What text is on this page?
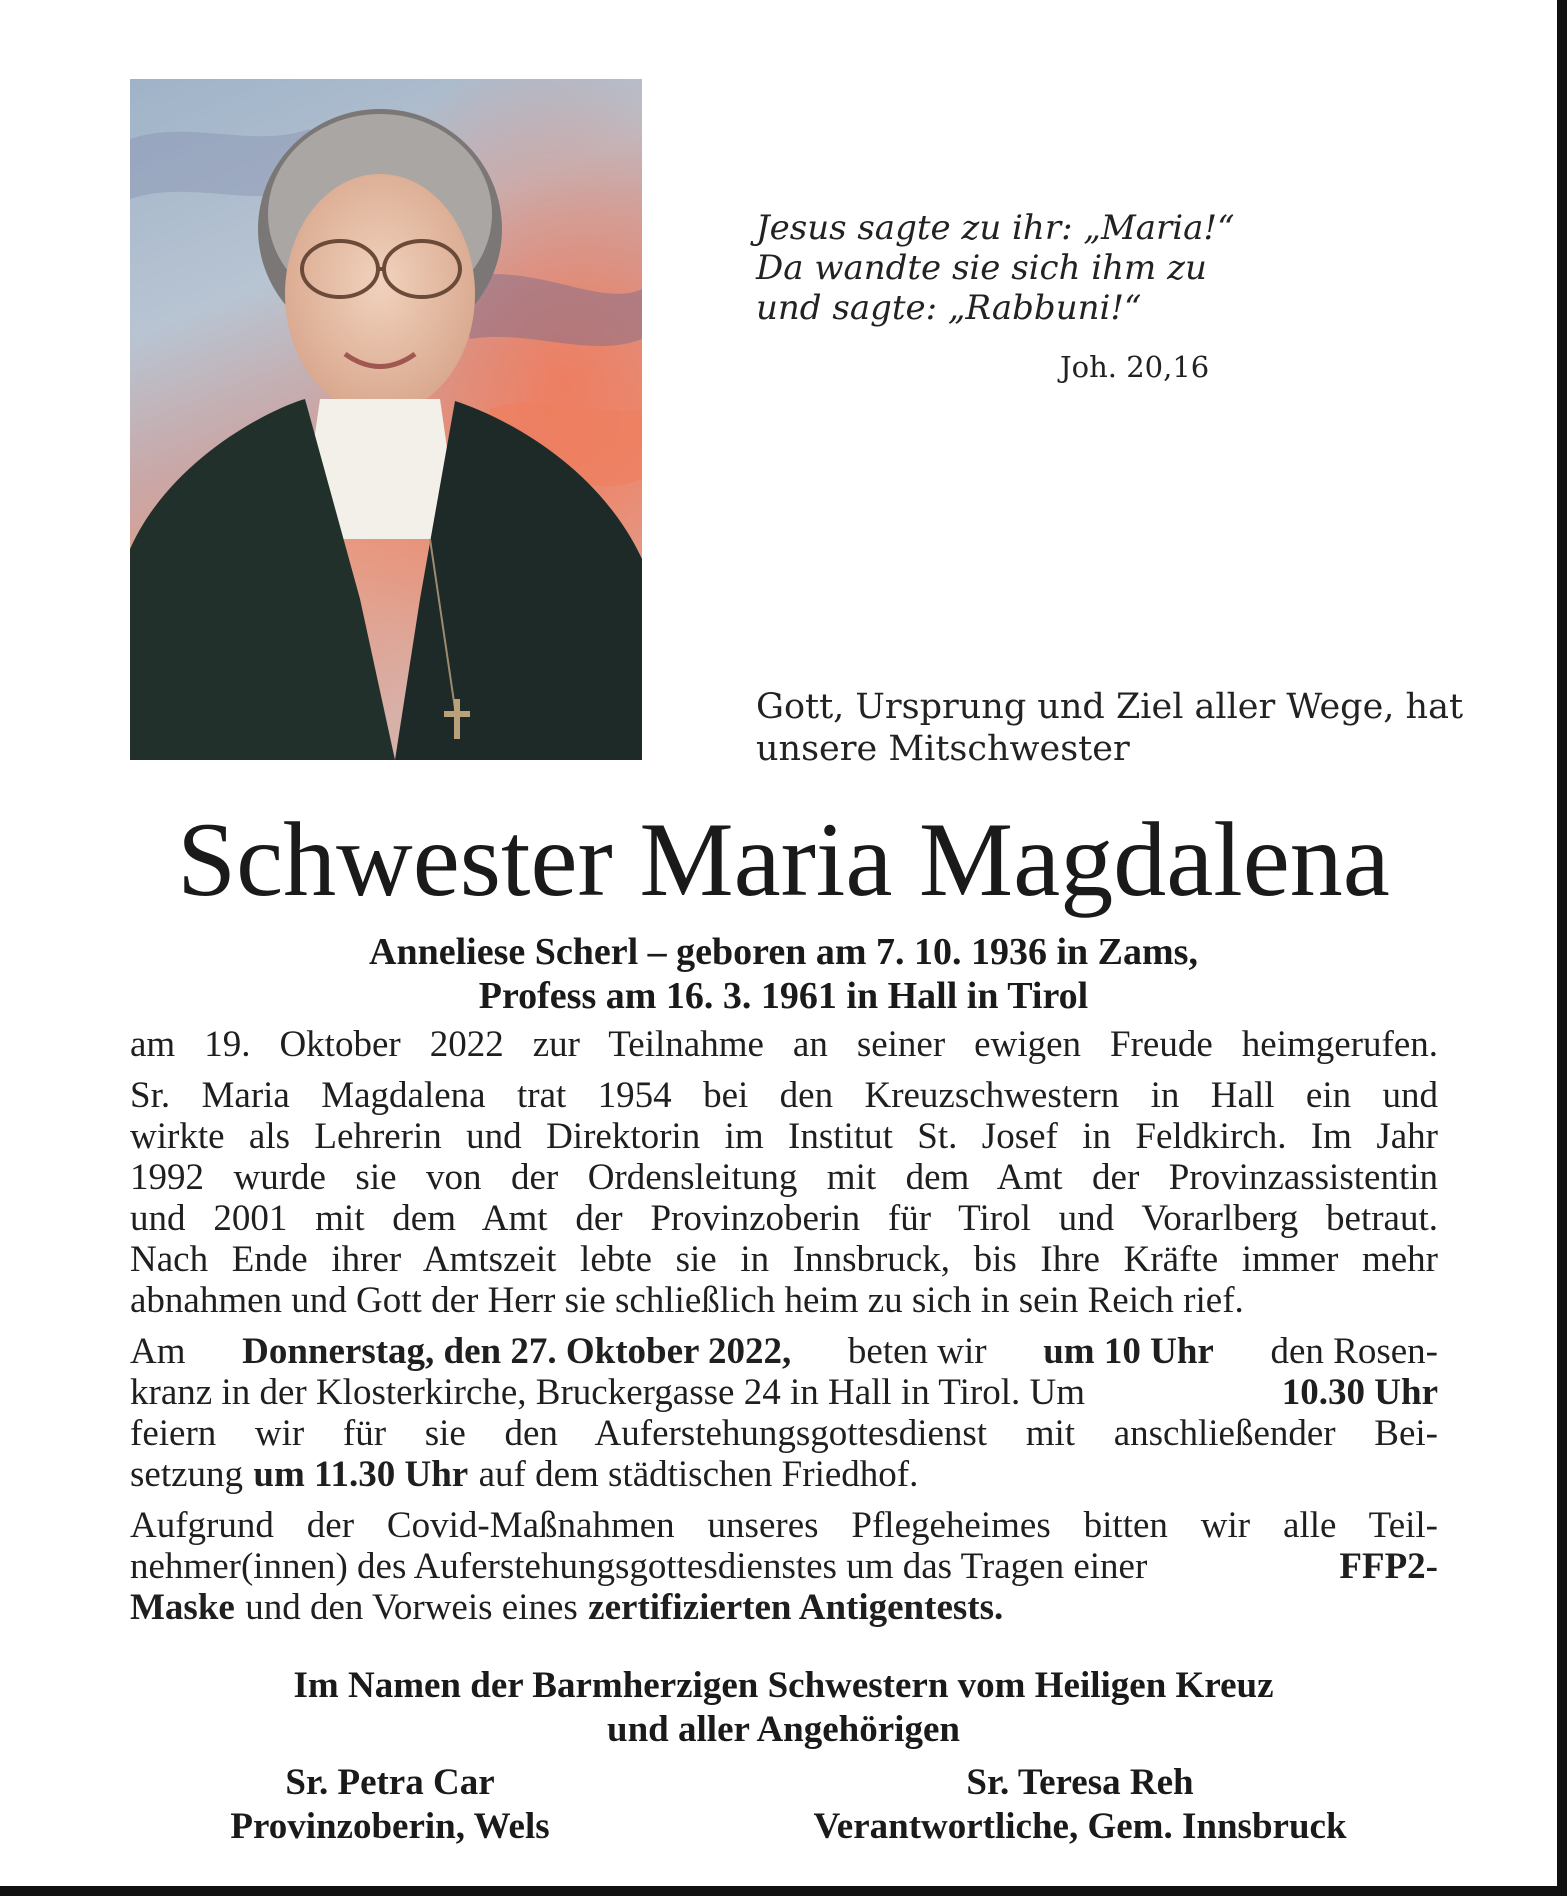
Jesus sagte zu ihr: „Maria!“
Da wandte sie sich ihm zu
und sagte: „Rabbuni!“
Joh. 20,16
Gott, Ursprung und Ziel aller Wege, hat
unsere Mitschwester
Schwester Maria Magdalena
Anneliese Scherl – geboren am 7. 10. 1936 in Zams,
Profess am 16. 3. 1961 in Hall in Tirol
am 19. Oktober 2022 zur Teilnahme an seiner ewigen Freude heimgerufen.
Sr. Maria Magdalena trat 1954 bei den Kreuzschwestern in Hall ein und
wirkte als Lehrerin und Direktorin im Institut St. Josef in Feldkirch. Im Jahr
1992 wurde sie von der Ordensleitung mit dem Amt der Provinzassistentin
und 2001 mit dem Amt der Provinzoberin für Tirol und Vorarlberg betraut.
Nach Ende ihrer Amtszeit lebte sie in Innsbruck, bis Ihre Kräfte immer mehr
abnahmen und Gott der Herr sie schließlich heim zu sich in sein Reich rief.
Am Donnerstag, den 27. Oktober 2022, beten wir um 10 Uhr den Rosen-
kranz in der Klosterkirche, Bruckergasse 24 in Hall in Tirol. Um	10.30 Uhr
feiern wir für sie den Auferstehungsgottesdienst mit anschließender Bei-
setzung um 11.30 Uhr auf dem städtischen Friedhof.
Aufgrund der Covid-Maßnahmen unseres Pflegeheimes bitten wir alle Teil-
nehmer(innen) des Auferstehungsgottesdienstes um das Tragen einer	FFP2-
Maske und den Vorweis eines zertifizierten Antigentests.
Im Namen der Barmherzigen Schwestern vom Heiligen Kreuz
und aller Angehörigen
Sr. Petra Car
Provinzoberin, Wels
Sr. Teresa Reh
Verantwortliche, Gem. Innsbruck
